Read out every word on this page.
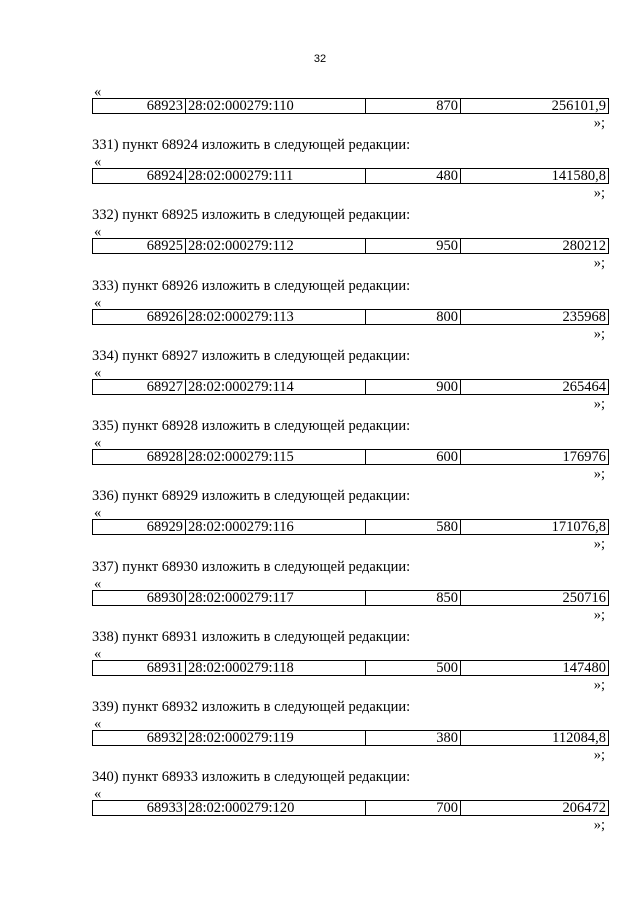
32
«
68923	28:02:000279:110	870	256101,9
»;
331) пункт 68924 изложить в следующей редакции:
«
68924	28:02:000279:111	480	141580,8
»;
332) пункт 68925 изложить в следующей редакции:
«
68925	28:02:000279:112	950	280212
»;
333) пункт 68926 изложить в следующей редакции:
«
68926	28:02:000279:113	800	235968
»;
334) пункт 68927 изложить в следующей редакции:
«
68927	28:02:000279:114	900	265464
»;
335) пункт 68928 изложить в следующей редакции:
«
68928	28:02:000279:115	600	176976
»;
336) пункт 68929 изложить в следующей редакции:
«
68929	28:02:000279:116	580	171076,8
»;
337) пункт 68930 изложить в следующей редакции:
«
68930	28:02:000279:117	850	250716
»;
338) пункт 68931 изложить в следующей редакции:
«
68931	28:02:000279:118	500	147480
»;
339) пункт 68932 изложить в следующей редакции:
«
68932	28:02:000279:119	380	112084,8
»;
340) пункт 68933 изложить в следующей редакции:
«
68933	28:02:000279:120	700	206472
»;
